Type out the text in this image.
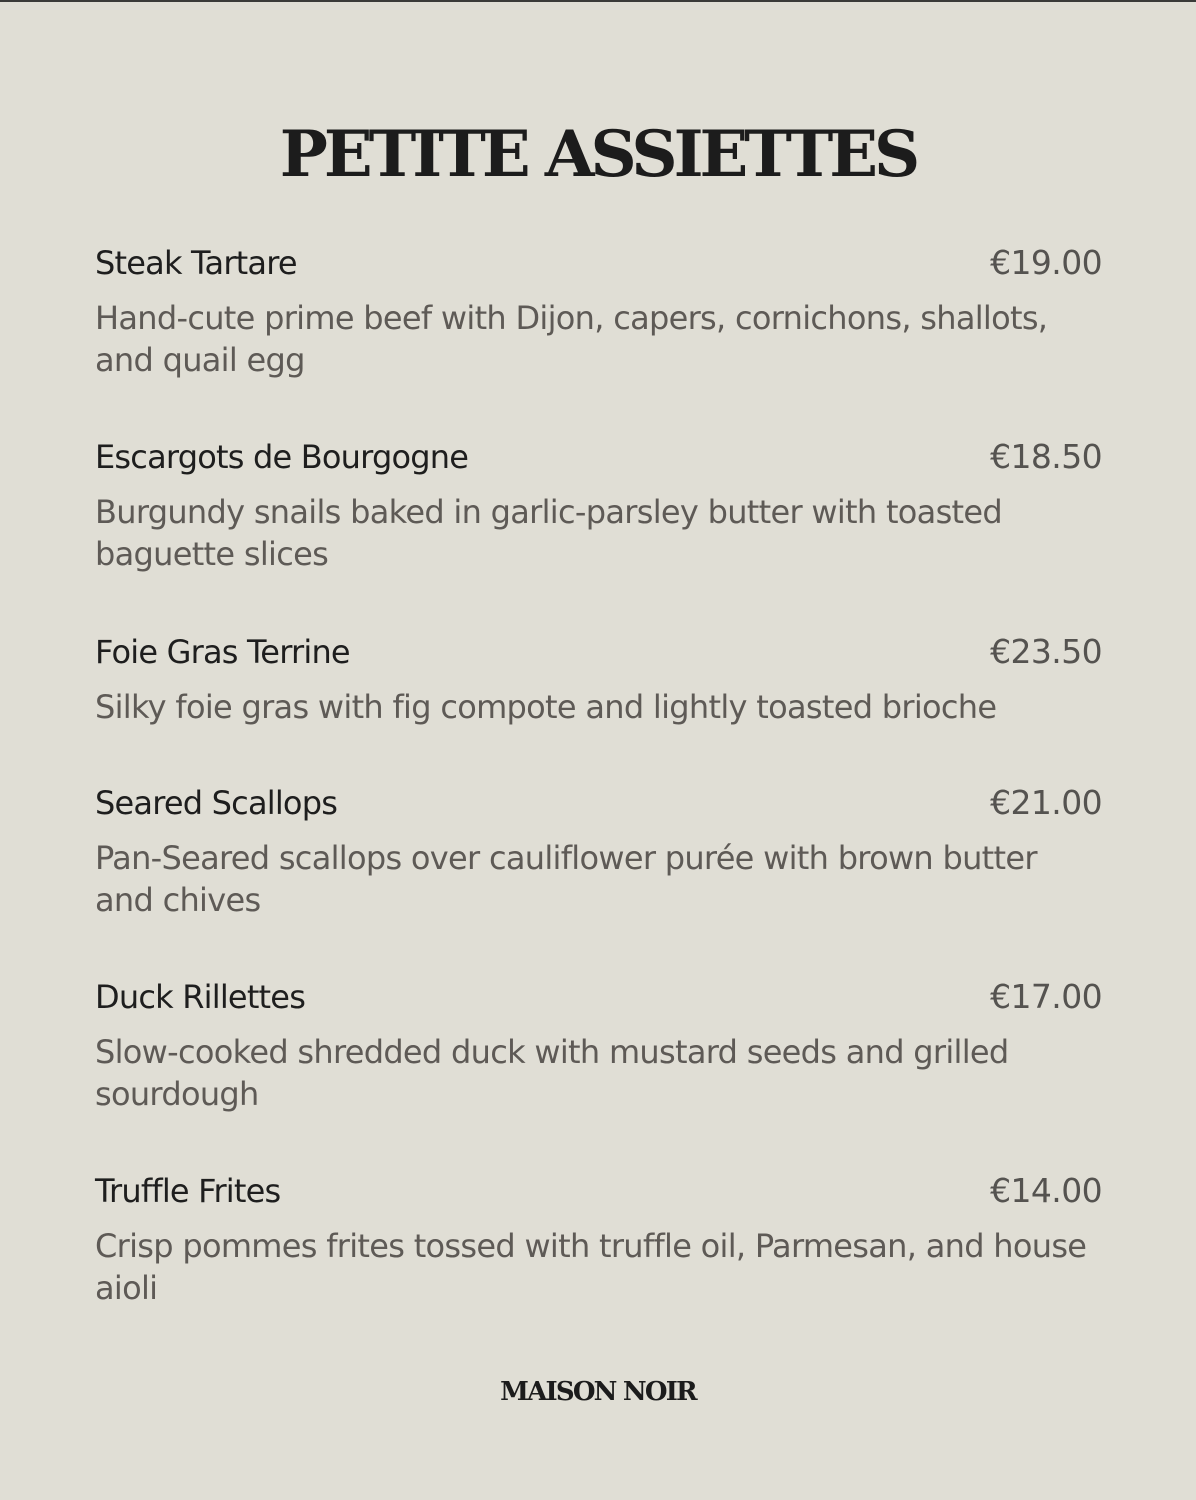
PETITE ASSIETTES
Steak Tartare	€19.00
Hand-cute prime beef with Dijon, capers, cornichons, shallots, and quail egg
Escargots de Bourgogne	€18.50
Burgundy snails baked in garlic-parsley butter with toasted baguette slices
Foie Gras Terrine	€23.50
Silky foie gras with fig compote and lightly toasted brioche
Seared Scallops	€21.00
Pan-Seared scallops over cauliflower purée with brown butter and chives
Duck Rillettes	€17.00
Slow-cooked shredded duck with mustard seeds and grilled sourdough
Truffle Frites	€14.00
Crisp pommes frites tossed with truffle oil, Parmesan, and house aioli
MAISON NOIR
